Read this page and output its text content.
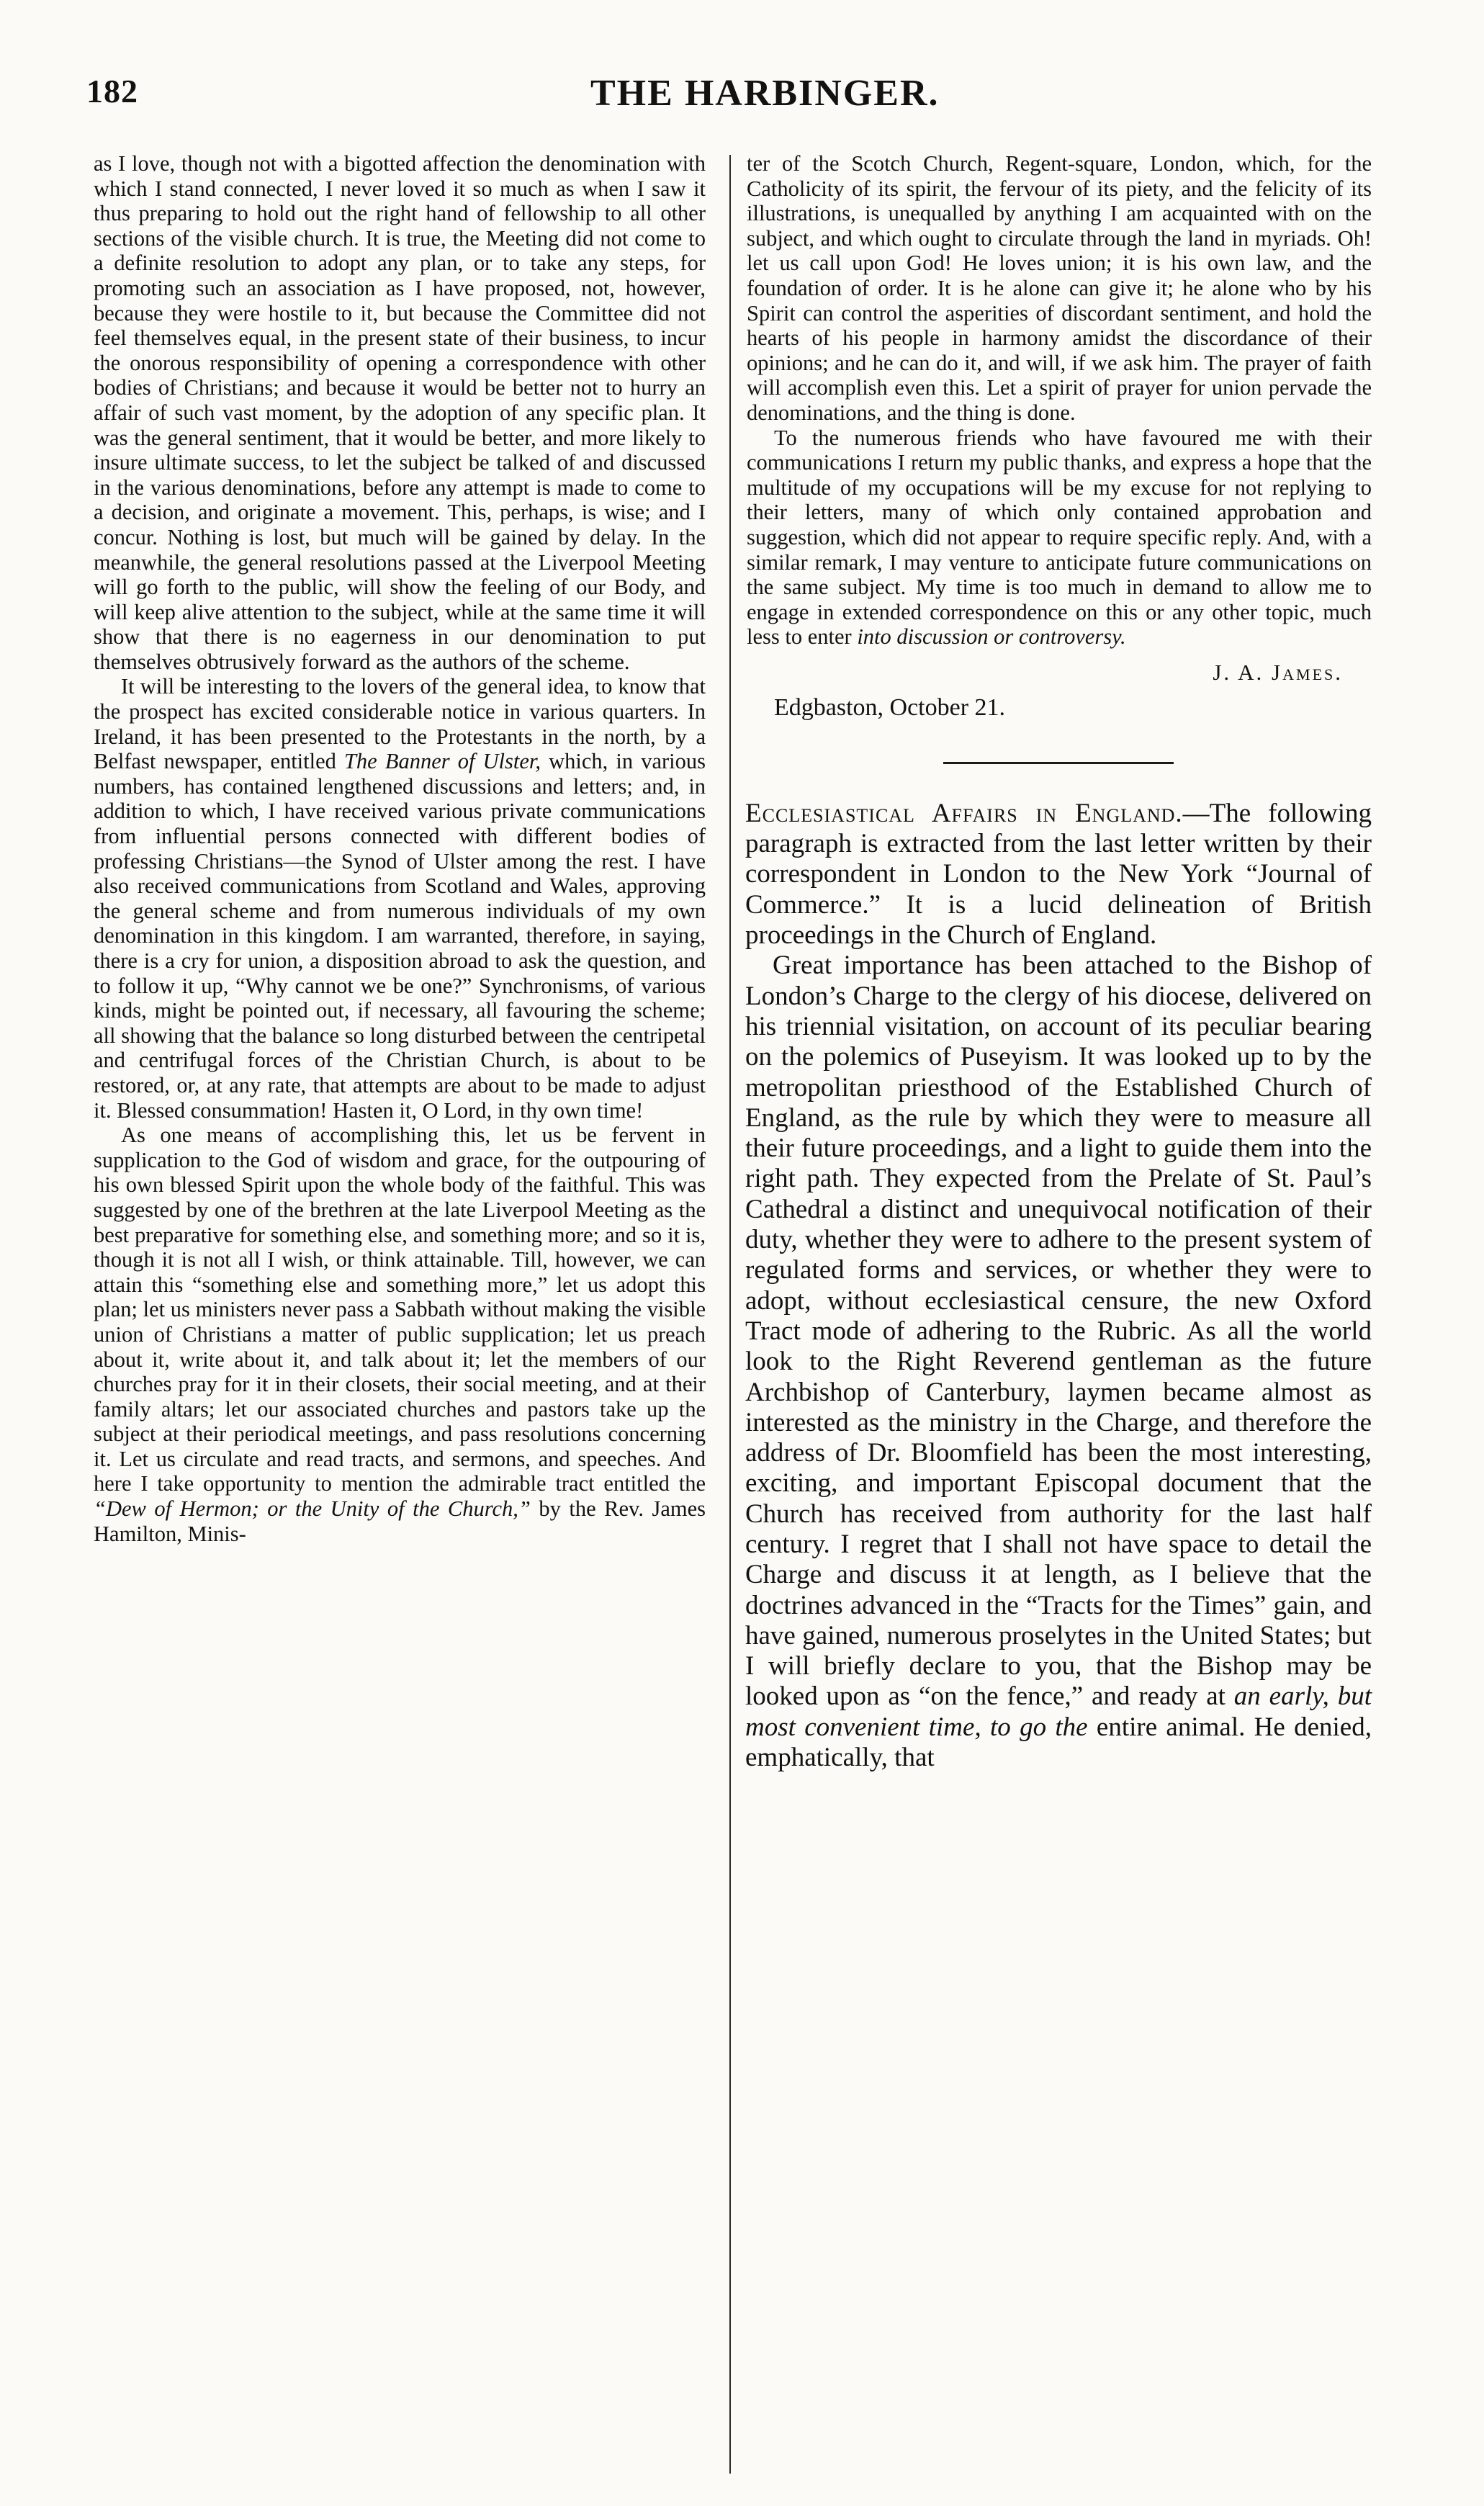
182	THE HARBINGER.

as I love, though not with a bigotted affection the denomination with which I stand connected, I never loved it so much as when I saw it thus preparing to hold out the right hand of fellowship to all other sections of the visible church. It is true, the Meeting did not come to a definite resolution to adopt any plan, or to take any steps, for promoting such an association as I have proposed, not, however, because they were hostile to it, but because the Committee did not feel themselves equal, in the present state of their business, to incur the onorous responsibility of opening a correspondence with other bodies of Christians; and because it would be better not to hurry an affair of such vast moment, by the adoption of any specific plan. It was the general sentiment, that it would be better, and more likely to insure ultimate success, to let the subject be talked of and discussed in the various denominations, before any attempt is made to come to a decision, and originate a movement. This, perhaps, is wise; and I concur. Nothing is lost, but much will be gained by delay. In the meanwhile, the general resolutions passed at the Liverpool Meeting will go forth to the public, will show the feeling of our Body, and will keep alive attention to the subject, while at the same time it will show that there is no eagerness in our denomination to put themselves obtrusively forward as the authors of the scheme.

It will be interesting to the lovers of the general idea, to know that the prospect has excited considerable notice in various quarters. In Ireland, it has been presented to the Protestants in the north, by a Belfast newspaper, entitled The Banner of Ulster, which, in various numbers, has contained lengthened discussions and letters; and, in addition to which, I have received various private communications from influential persons connected with different bodies of professing Christians—the Synod of Ulster among the rest. I have also received communications from Scotland and Wales, approving the general scheme and from numerous individuals of my own denomination in this kingdom. I am warranted, therefore, in saying, there is a cry for union, a disposition abroad to ask the question, and to follow it up, “Why cannot we be one?” Synchronisms, of various kinds, might be pointed out, if necessary, all favouring the scheme; all showing that the balance so long disturbed between the centripetal and centrifugal forces of the Christian Church, is about to be restored, or, at any rate, that attempts are about to be made to adjust it. Blessed consummation! Hasten it, O Lord, in thy own time!

As one means of accomplishing this, let us be fervent in supplication to the God of wisdom and grace, for the outpouring of his own blessed Spirit upon the whole body of the faithful. This was suggested by one of the brethren at the late Liverpool Meeting as the best preparative for something else, and something more; and so it is, though it is not all I wish, or think attainable. Till, however, we can attain this “something else and something more,” let us adopt this plan; let us ministers never pass a Sabbath without making the visible union of Christians a matter of public supplication; let us preach about it, write about it, and talk about it; let the members of our churches pray for it in their closets, their social meeting, and at their family altars; let our associated churches and pastors take up the subject at their periodical meetings, and pass resolutions concerning it. Let us circulate and read tracts, and sermons, and speeches. And here I take opportunity to mention the admirable tract entitled the “Dew of Hermon; or the Unity of the Church,” by the Rev. James Hamilton, Minis-

ter of the Scotch Church, Regent-square, London, which, for the Catholicity of its spirit, the fervour of its piety, and the felicity of its illustrations, is unequalled by anything I am acquainted with on the subject, and which ought to circulate through the land in myriads. Oh! let us call upon God! He loves union; it is his own law, and the foundation of order. It is he alone can give it; he alone who by his Spirit can control the asperities of discordant sentiment, and hold the hearts of his people in harmony amidst the discordance of their opinions; and he can do it, and will, if we ask him. The prayer of faith will accomplish even this. Let a spirit of prayer for union pervade the denominations, and the thing is done.

To the numerous friends who have favoured me with their communications I return my public thanks, and express a hope that the multitude of my occupations will be my excuse for not replying to their letters, many of which only contained approbation and suggestion, which did not appear to require specific reply. And, with a similar remark, I may venture to anticipate future communications on the same subject. My time is too much in demand to allow me to engage in extended correspondence on this or any other topic, much less to enter into discussion or controversy.

J. A. James.
Edgbaston, October 21.

Ecclesiastical Affairs in England.—The following paragraph is extracted from the last letter written by their correspondent in London to the New York “Journal of Commerce.” It is a lucid delineation of British proceedings in the Church of England.

Great importance has been attached to the Bishop of London’s Charge to the clergy of his diocese, delivered on his triennial visitation, on account of its peculiar bearing on the polemics of Puseyism. It was looked up to by the metropolitan priesthood of the Established Church of England, as the rule by which they were to measure all their future proceedings, and a light to guide them into the right path. They expected from the Prelate of St. Paul’s Cathedral a distinct and unequivocal notification of their duty, whether they were to adhere to the present system of regulated forms and services, or whether they were to adopt, without ecclesiastical censure, the new Oxford Tract mode of adhering to the Rubric. As all the world look to the Right Reverend gentleman as the future Archbishop of Canterbury, laymen became almost as interested as the ministry in the Charge, and therefore the address of Dr. Bloomfield has been the most interesting, exciting, and important Episcopal document that the Church has received from authority for the last half century. I regret that I shall not have space to detail the Charge and discuss it at length, as I believe that the doctrines advanced in the “Tracts for the Times” gain, and have gained, numerous proselytes in the United States; but I will briefly declare to you, that the Bishop may be looked upon as “on the fence,” and ready at an early, but most convenient time, to go the entire animal. He denied, emphatically, that
